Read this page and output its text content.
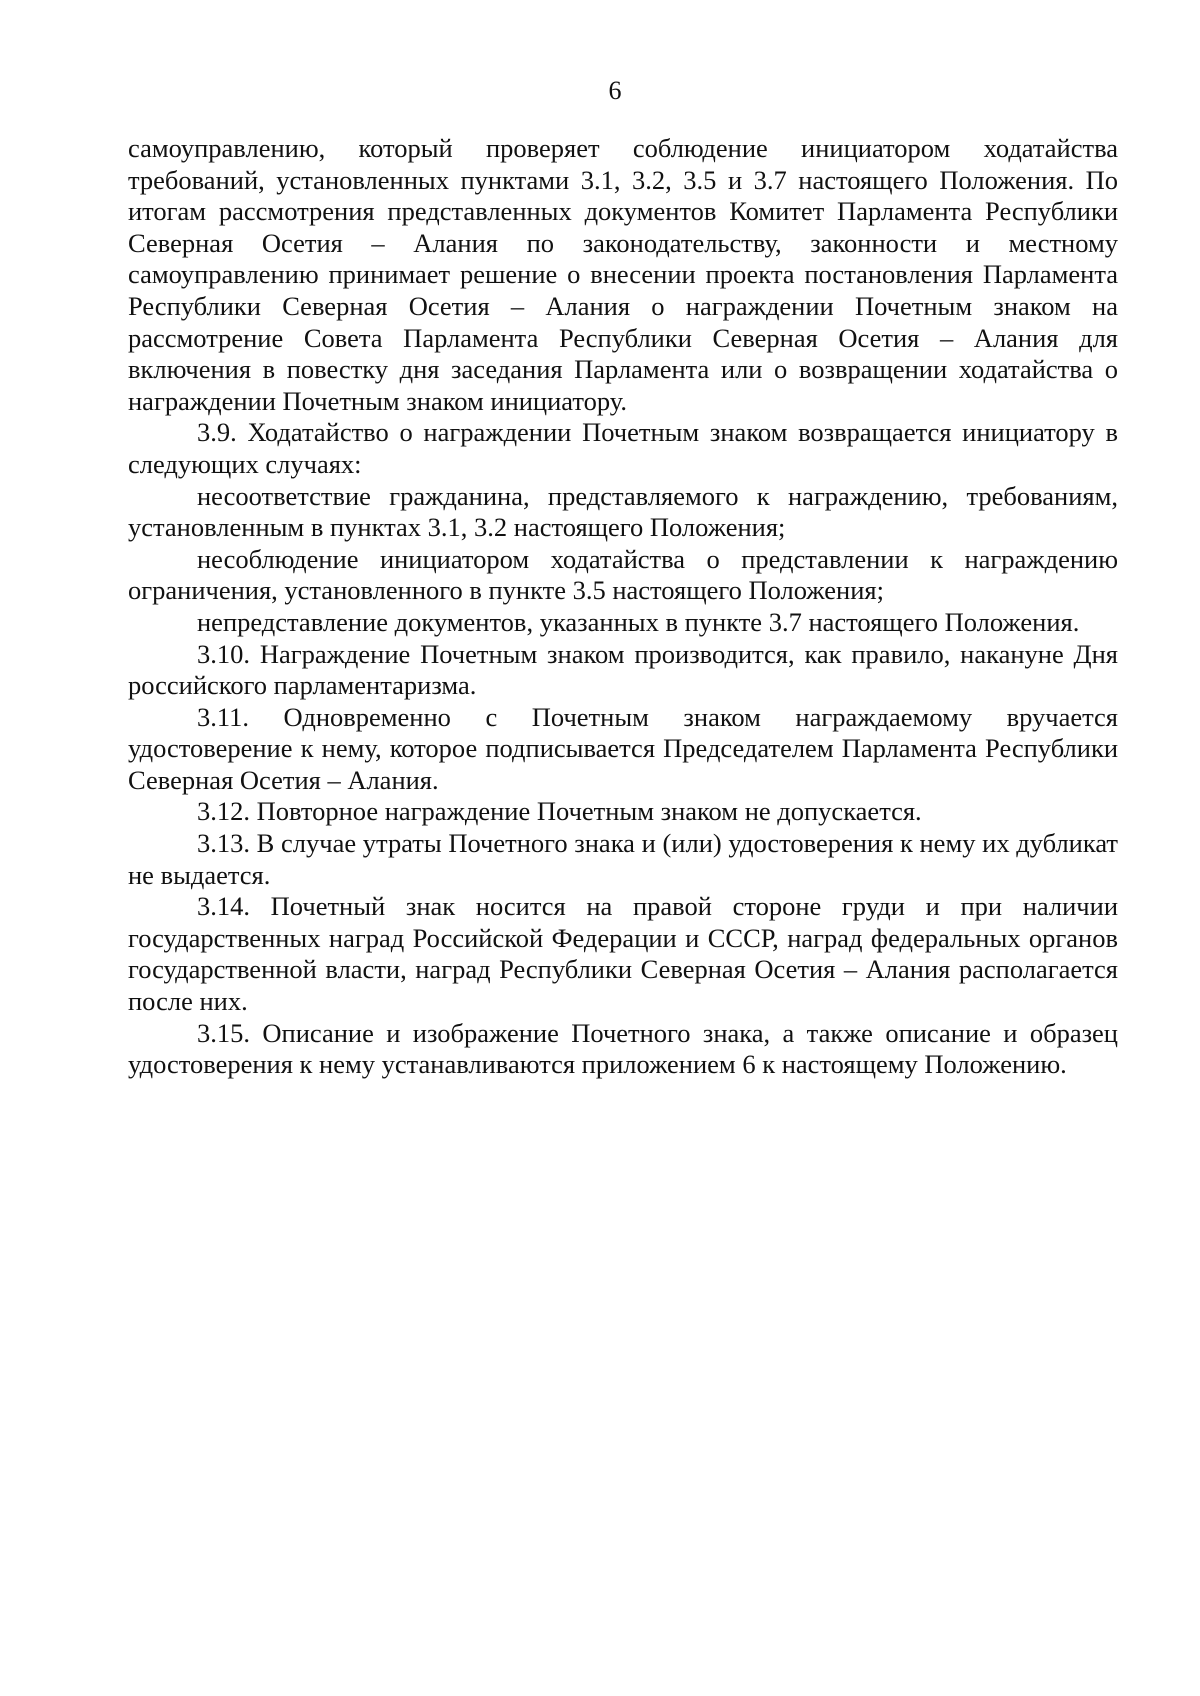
6

самоуправлению, который проверяет соблюдение инициатором ходатайства требований, установленных пунктами 3.1, 3.2, 3.5 и 3.7 настоящего Положения. По итогам рассмотрения представленных документов Комитет Парламента Республики Северная Осетия – Алания по законодательству, законности и местному самоуправлению принимает решение о внесении проекта постановления Парламента Республики Северная Осетия – Алания о награждении Почетным знаком на рассмотрение Совета Парламента Республики Северная Осетия – Алания для включения в повестку дня заседания Парламента или о возвращении ходатайства о награждении Почетным знаком инициатору.

3.9. Ходатайство о награждении Почетным знаком возвращается инициатору в следующих случаях:

несоответствие гражданина, представляемого к награждению, требованиям, установленным в пунктах 3.1, 3.2 настоящего Положения;

несоблюдение инициатором ходатайства о представлении к награждению ограничения, установленного в пункте 3.5 настоящего Положения;

непредставление документов, указанных в пункте 3.7 настоящего Положения.

3.10. Награждение Почетным знаком производится, как правило, накануне Дня российского парламентаризма.

3.11. Одновременно с Почетным знаком награждаемому вручается удостоверение к нему, которое подписывается Председателем Парламента Республики Северная Осетия – Алания.

3.12. Повторное награждение Почетным знаком не допускается.

3.13. В случае утраты Почетного знака и (или) удостоверения к нему их дубликат не выдается.

3.14. Почетный знак носится на правой стороне груди и при наличии государственных наград Российской Федерации и СССР, наград федеральных органов государственной власти, наград Республики Северная Осетия – Алания располагается после них.

3.15. Описание и изображение Почетного знака, а также описание и образец удостоверения к нему устанавливаются приложением 6 к настоящему Положению.
